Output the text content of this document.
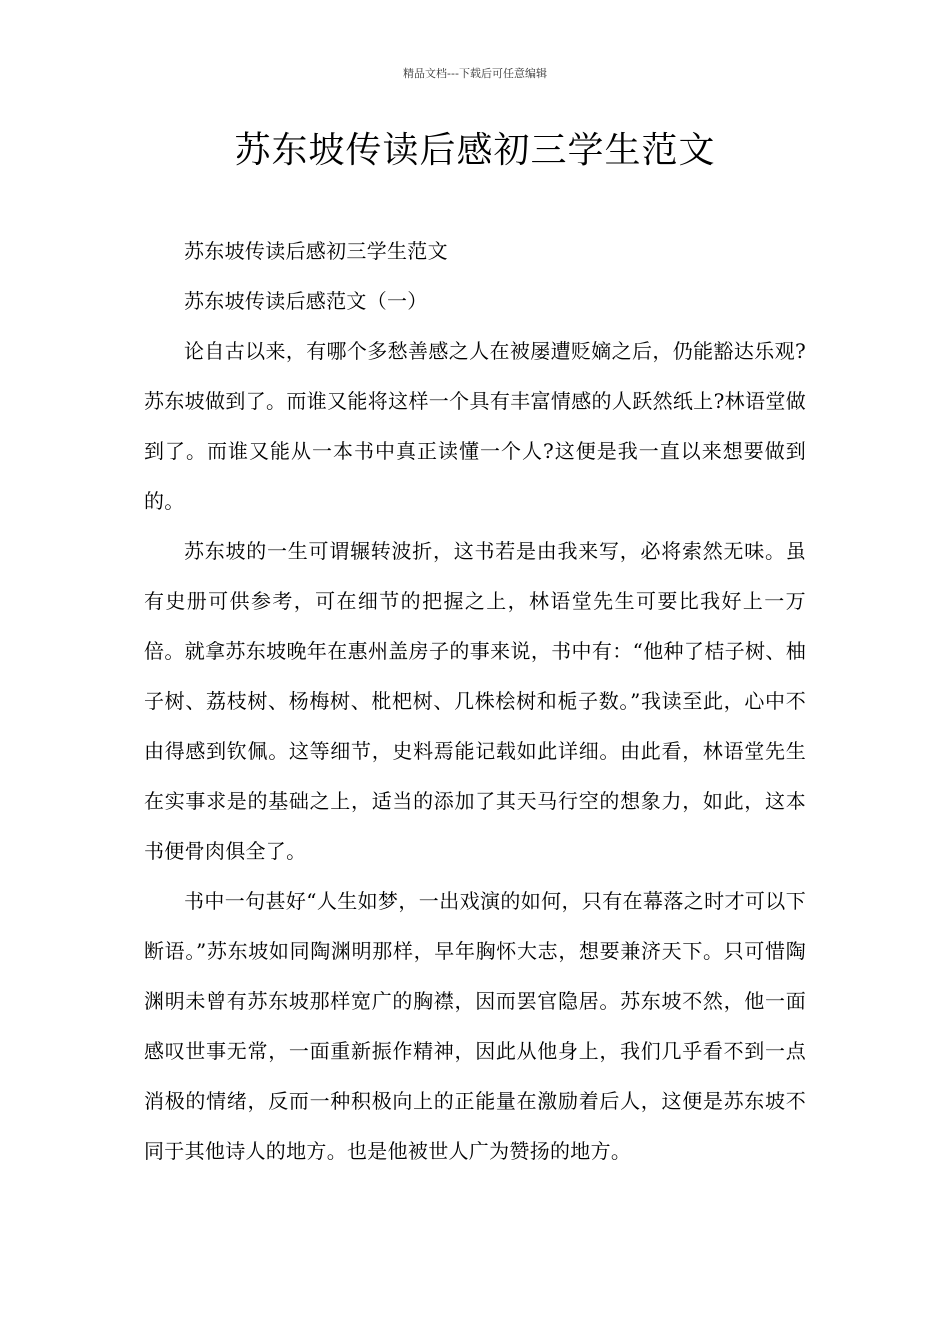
精品文档---下载后可任意编辑
苏东坡传读后感初三学生范文

苏东坡传读后感初三学生范文

苏东坡传读后感范文（一）

论自古以来，有哪个多愁善感之人在被屡遭贬嫡之后，仍能豁达乐观?苏东坡做到了。而谁又能将这样一个具有丰富情感的人跃然纸上?林语堂做到了。而谁又能从一本书中真正读懂一个人?这便是我一直以来想要做到的。

苏东坡的一生可谓辗转波折，这书若是由我来写，必将索然无味。虽有史册可供参考，可在细节的把握之上，林语堂先生可要比我好上一万倍。就拿苏东坡晚年在惠州盖房子的事来说，书中有：“他种了桔子树、柚子树、荔枝树、杨梅树、枇杷树、几株桧树和栀子数。”我读至此，心中不由得感到钦佩。这等细节，史料焉能记载如此详细。由此看，林语堂先生在实事求是的基础之上，适当的添加了其天马行空的想象力，如此，这本书便骨肉俱全了。

书中一句甚好“人生如梦，一出戏演的如何，只有在幕落之时才可以下断语。”苏东坡如同陶渊明那样，早年胸怀大志，想要兼济天下。只可惜陶渊明未曾有苏东坡那样宽广的胸襟，因而罢官隐居。苏东坡不然，他一面感叹世事无常，一面重新振作精神，因此从他身上，我们几乎看不到一点消极的情绪，反而一种积极向上的正能量在激励着后人，这便是苏东坡不同于其他诗人的地方。也是他被世人广为赞扬的地方。
